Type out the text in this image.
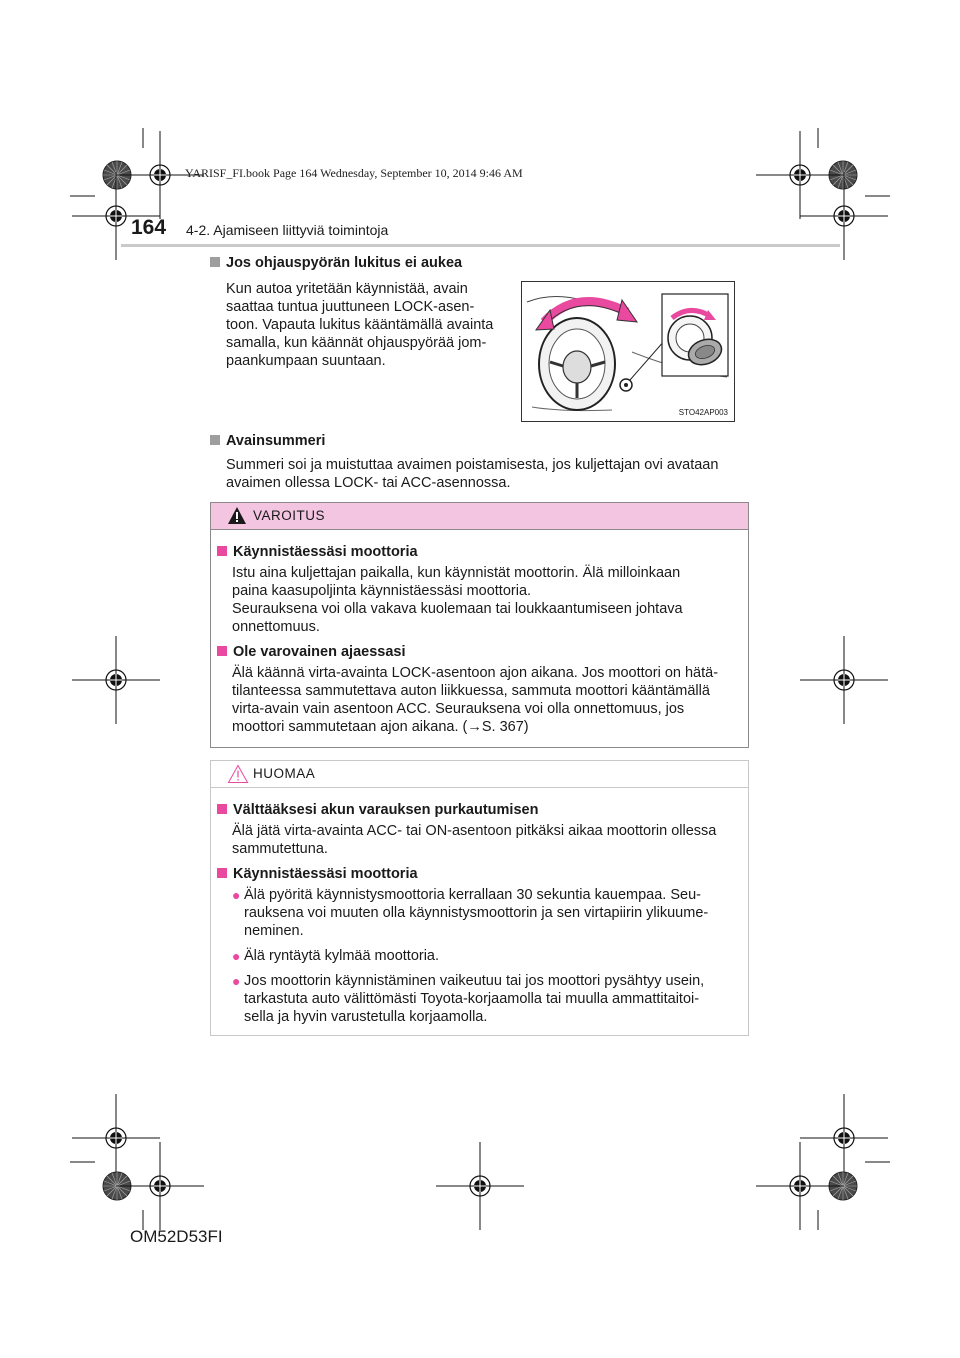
YARISF_FI.book Page 164 Wednesday, September 10, 2014 9:46 AM
164 4-2. Ajamiseen liittyviä toimintoja
Jos ohjauspyörän lukitus ei aukea
Kun autoa yritetään käynnistää, avain
saattaa tuntua juuttuneen LOCK-asen-
toon. Vapauta lukitus kääntämällä avainta
samalla, kun käännät ohjauspyörää jom-
paankumpaan suuntaan.
STO42AP003
Avainsummeri
Summeri soi ja muistuttaa avaimen poistamisesta, jos kuljettajan ovi avataan
avaimen ollessa LOCK- tai ACC-asennossa.
VAROITUS
Käynnistäessäsi moottoria
Istu aina kuljettajan paikalla, kun käynnistät moottorin. Älä milloinkaan
paina kaasupoljinta käynnistäessäsi moottoria.
Seurauksena voi olla vakava kuolemaan tai loukkaantumiseen johtava
onnettomuus.
Ole varovainen ajaessasi
Älä käännä virta-avainta LOCK-asentoon ajon aikana. Jos moottori on hätä-
tilanteessa sammutettava auton liikkuessa, sammuta moottori kääntämällä
virta-avain vain asentoon ACC. Seurauksena voi olla onnettomuus, jos
moottori sammutetaan ajon aikana. (→S. 367)
HUOMAA
Välttääksesi akun varauksen purkautumisen
Älä jätä virta-avainta ACC- tai ON-asentoon pitkäksi aikaa moottorin ollessa
sammutettuna.
Käynnistäessäsi moottoria
● Älä pyöritä käynnistysmoottoria kerrallaan 30 sekuntia kauempaa. Seu-
rauksena voi muuten olla käynnistysmoottorin ja sen virtapiirin ylikuume-
neminen.
● Älä ryntäytä kylmää moottoria.
● Jos moottorin käynnistäminen vaikeutuu tai jos moottori pysähtyy usein,
tarkastuta auto välittömästi Toyota-korjaamolla tai muulla ammattitaitoi-
sella ja hyvin varustetulla korjaamolla.
OM52D53FI
